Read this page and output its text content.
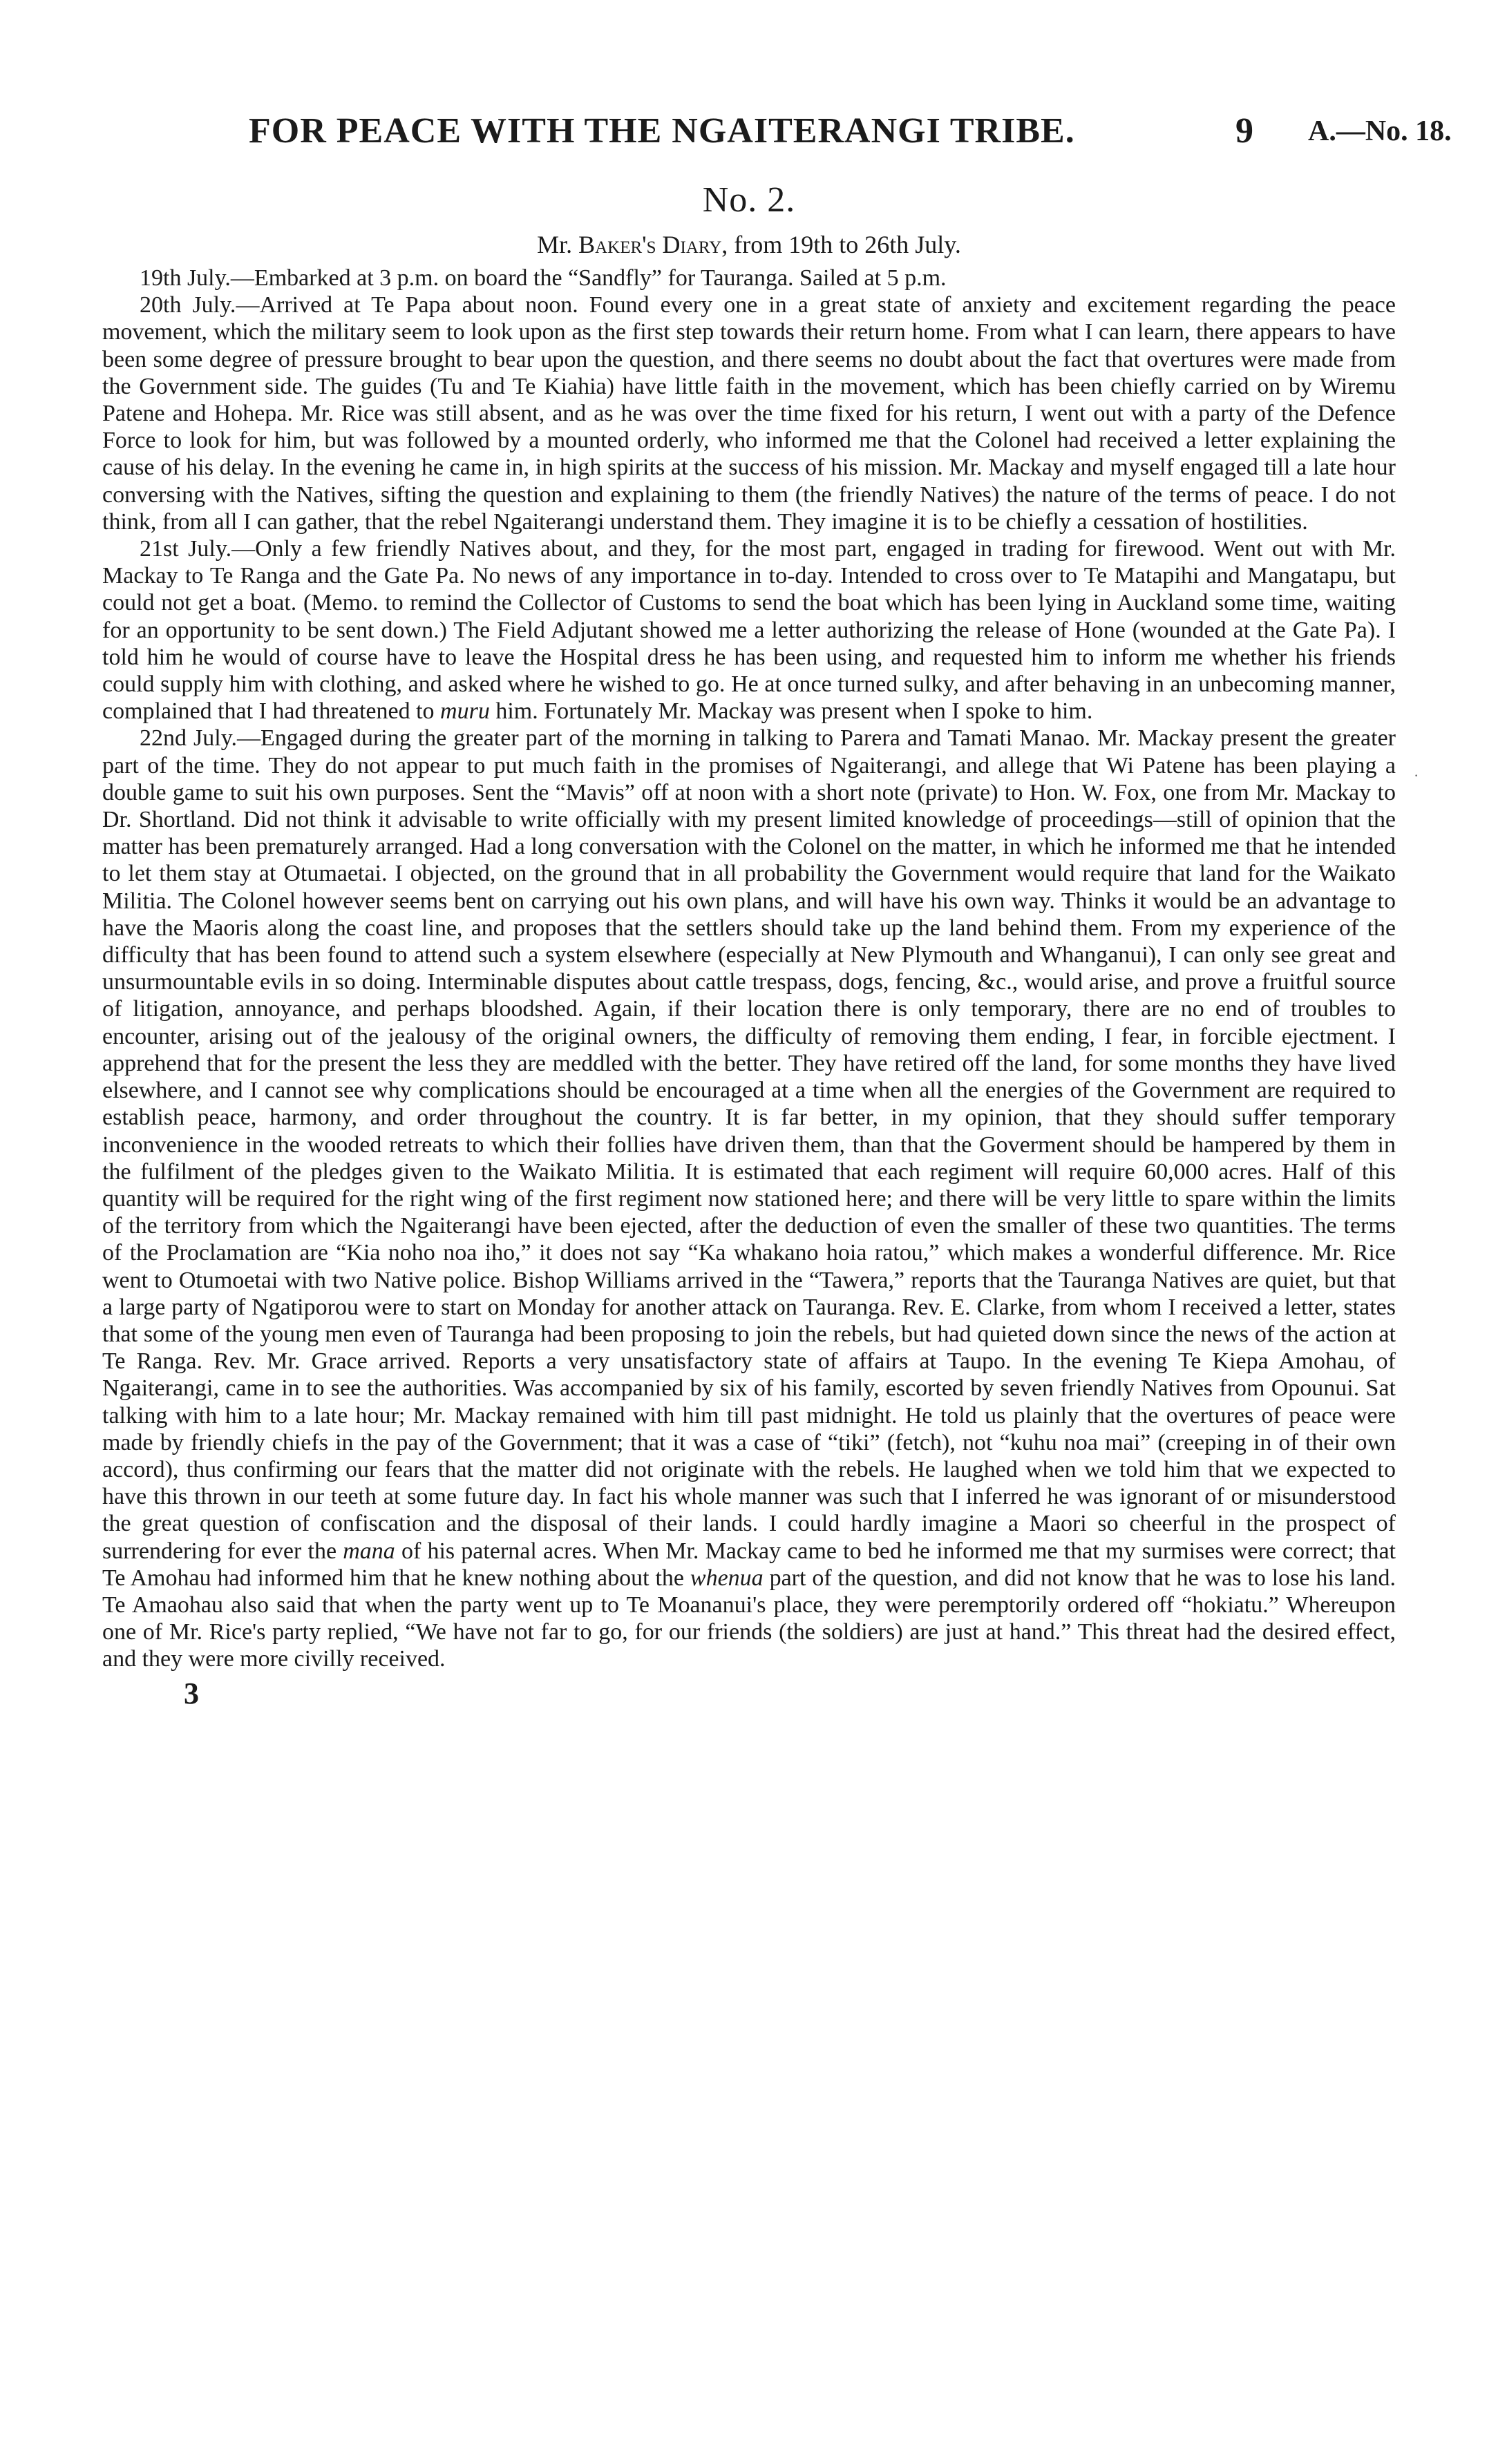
FOR PEACE WITH THE NGAITERANGI TRIBE.	9 A.—No. 18.
No. 2.
Mr. Baker's Diary, from 19th to 26th July.

19th July.—Embarked at 3 p.m. on board the “Sandfly” for Tauranga. Sailed at 5 p.m.

20th July.—Arrived at Te Papa about noon. Found every one in a great state of anxiety and excitement regarding the peace movement, which the military seem to look upon as the first step towards their return home. From what I can learn, there appears to have been some degree of pressure brought to bear upon the question, and there seems no doubt about the fact that overtures were made from the Government side. The guides (Tu and Te Kiahia) have little faith in the movement, which has been chiefly carried on by Wiremu Patene and Hohepa. Mr. Rice was still absent, and as he was over the time fixed for his return, I went out with a party of the Defence Force to look for him, but was followed by a mounted orderly, who informed me that the Colonel had received a letter explaining the cause of his delay. In the evening he came in, in high spirits at the success of his mission. Mr. Mackay and myself engaged till a late hour conversing with the Natives, sifting the question and explaining to them (the friendly Natives) the nature of the terms of peace. I do not think, from all I can gather, that the rebel Ngaiterangi understand them. They imagine it is to be chiefly a cessation of hostilities.

21st July.—Only a few friendly Natives about, and they, for the most part, engaged in trading for firewood. Went out with Mr. Mackay to Te Ranga and the Gate Pa. No news of any importance in to-day. Intended to cross over to Te Matapihi and Mangatapu, but could not get a boat. (Memo. to remind the Collector of Customs to send the boat which has been lying in Auckland some time, waiting for an opportunity to be sent down.) The Field Adjutant showed me a letter authorizing the release of Hone (wounded at the Gate Pa). I told him he would of course have to leave the Hospital dress he has been using, and requested him to inform me whether his friends could supply him with clothing, and asked where he wished to go. He at once turned sulky, and after behaving in an unbecoming manner, complained that I had threatened to muru him. Fortunately Mr. Mackay was present when I spoke to him.

22nd July.—Engaged during the greater part of the morning in talking to Parera and Tamati Manao. Mr. Mackay present the greater part of the time. They do not appear to put much faith in the promises of Ngaiterangi, and allege that Wi Patene has been playing a double game to suit his own purposes. Sent the “Mavis” off at noon with a short note (private) to Hon. W. Fox, one from Mr. Mackay to Dr. Shortland. Did not think it advisable to write officially with my present limited knowledge of proceedings—still of opinion that the matter has been prematurely arranged. Had a long conversation with the Colonel on the matter, in which he informed me that he intended to let them stay at Otumaetai. I objected, on the ground that in all probability the Government would require that land for the Waikato Militia. The Colonel however seems bent on carrying out his own plans, and will have his own way. Thinks it would be an advantage to have the Maoris along the coast line, and proposes that the settlers should take up the land behind them. From my experience of the difficulty that has been found to attend such a system elsewhere (especially at New Plymouth and Whanganui), I can only see great and unsurmountable evils in so doing. Interminable disputes about cattle trespass, dogs, fencing, &c., would arise, and prove a fruitful source of litigation, annoyance, and perhaps bloodshed. Again, if their location there is only temporary, there are no end of troubles to encounter, arising out of the jealousy of the original owners, the difficulty of removing them ending, I fear, in forcible ejectment. I apprehend that for the present the less they are meddled with the better. They have retired off the land, for some months they have lived elsewhere, and I cannot see why complications should be encouraged at a time when all the energies of the Government are required to establish peace, harmony, and order throughout the country. It is far better, in my opinion, that they should suffer temporary inconvenience in the wooded retreats to which their follies have driven them, than that the Goverment should be hampered by them in the fulfilment of the pledges given to the Waikato Militia. It is estimated that each regiment will require 60,000 acres. Half of this quantity will be required for the right wing of the first regiment now stationed here; and there will be very little to spare within the limits of the territory from which the Ngaiterangi have been ejected, after the deduction of even the smaller of these two quantities. The terms of the Proclamation are “Kia noho noa iho,” it does not say “Ka whakano hoia ratou,” which makes a wonderful difference. Mr. Rice went to Otumoetai with two Native police. Bishop Williams arrived in the “Tawera,” reports that the Tauranga Natives are quiet, but that a large party of Ngatiporou were to start on Monday for another attack on Tauranga. Rev. E. Clarke, from whom I received a letter, states that some of the young men even of Tauranga had been proposing to join the rebels, but had quieted down since the news of the action at Te Ranga. Rev. Mr. Grace arrived. Reports a very unsatisfactory state of affairs at Taupo. In the evening Te Kiepa Amohau, of Ngaiterangi, came in to see the authorities. Was accompanied by six of his family, escorted by seven friendly Natives from Opounui. Sat talking with him to a late hour; Mr. Mackay remained with him till past midnight. He told us plainly that the overtures of peace were made by friendly chiefs in the pay of the Government; that it was a case of “tiki” (fetch), not “kuhu noa mai” (creeping in of their own accord), thus confirming our fears that the matter did not originate with the rebels. He laughed when we told him that we expected to have this thrown in our teeth at some future day. In fact his whole manner was such that I inferred he was ignorant of or misunderstood the great question of confiscation and the disposal of their lands. I could hardly imagine a Maori so cheerful in the prospect of surrendering for ever the mana of his paternal acres. When Mr. Mackay came to bed he informed me that my surmises were correct; that Te Amohau had informed him that he knew nothing about the whenua part of the question, and did not know that he was to lose his land. Te Amaohau also said that when the party went up to Te Moananui's place, they were peremptorily ordered off “hokiatu.” Whereupon one of Mr. Rice's party replied, “We have not far to go, for our friends (the soldiers) are just at hand.” This threat had the desired effect, and they were more civilly received.

3
·
